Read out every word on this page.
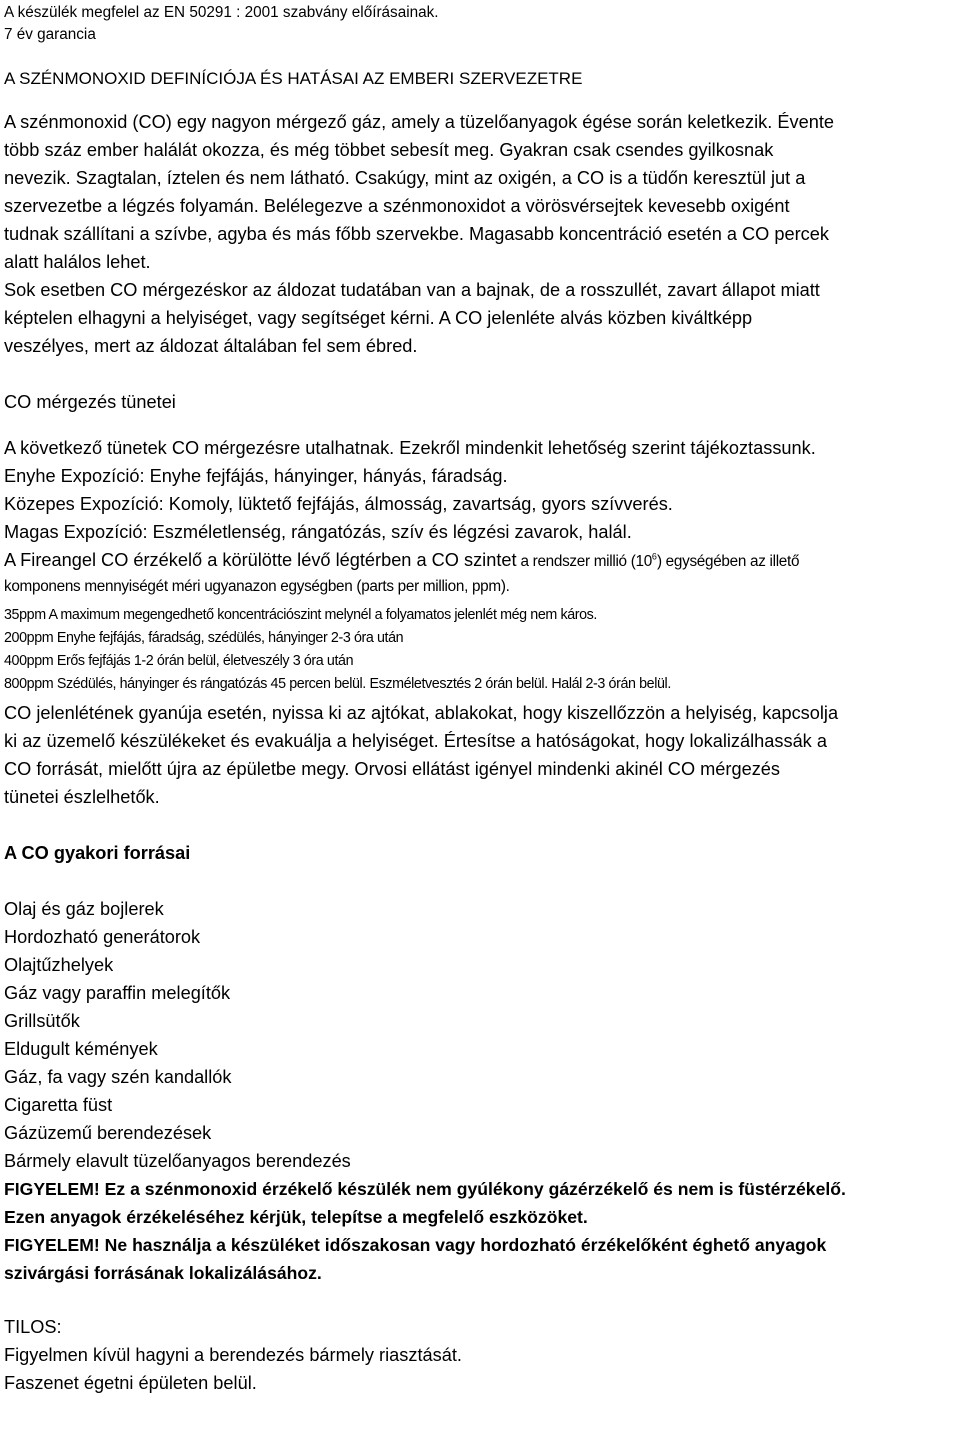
A készülék megfelel az EN 50291 : 2001 szabvány előírásainak.
7 év garancia
A SZÉNMONOXID DEFINÍCIÓJA ÉS HATÁSAI AZ EMBERI SZERVEZETRE
A szénmonoxid (CO) egy nagyon mérgező gáz, amely a tüzelőanyagok égése során keletkezik. Évente
több száz ember halálát okozza, és még többet sebesít meg. Gyakran csak csendes gyilkosnak
nevezik. Szagtalan, íztelen és nem látható. Csakúgy, mint az oxigén, a CO is a tüdőn keresztül jut a
szervezetbe a légzés folyamán. Belélegezve a szénmonoxidot a vörösvérsejtek kevesebb oxigént
tudnak szállítani a szívbe, agyba és más főbb szervekbe. Magasabb koncentráció esetén a CO percek
alatt halálos lehet.
Sok esetben CO mérgezéskor az áldozat tudatában van a bajnak, de a rosszullét, zavart állapot miatt
képtelen elhagyni a helyiséget, vagy segítséget kérni. A CO jelenléte alvás közben kiváltképp
veszélyes, mert az áldozat általában fel sem ébred.
CO mérgezés tünetei
A következő tünetek CO mérgezésre utalhatnak. Ezekről mindenkit lehetőség szerint tájékoztassunk.
Enyhe Expozíció: Enyhe fejfájás, hányinger, hányás, fáradság.
Közepes Expozíció: Komoly, lüktető fejfájás, álmosság, zavartság, gyors szívverés.
Magas Expozíció: Eszméletlenség, rángatózás, szív és légzési zavarok, halál.
A Fireangel CO érzékelő a körülötte lévő légtérben a CO szintet a rendszer millió $(10^6)$ egységében az illető
komponens mennyiségét méri ugyanazon egységben (parts per million, ppm).
35ppm A maximum megengedhető koncentrációszint melynél a folyamatos jelenlét még nem káros.
200ppm Enyhe fejfájás, fáradság, szédülés, hányinger 2-3 óra után
400ppm Erős fejfájás 1-2 órán belül, életveszély 3 óra után
800ppm Szédülés, hányinger és rángatózás 45 percen belül. Eszméletvesztés 2 órán belül. Halál 2-3 órán belül.
CO jelenlétének gyanúja esetén, nyissa ki az ajtókat, ablakokat, hogy kiszellőzzön a helyiség, kapcsolja
ki az üzemelő készülékeket és evakuálja a helyiséget. Értesítse a hatóságokat, hogy lokalizálhassák a
CO forrását, mielőtt újra az épületbe megy. Orvosi ellátást igényel mindenki akinél CO mérgezés
tünetei észlelhetők.
A CO gyakori forrásai
Olaj és gáz bojlerek
Hordozható generátorok
Olajtűzhelyek
Gáz vagy paraffin melegítők
Grillsütők
Eldugult kémények
Gáz, fa vagy szén kandallók
Cigaretta füst
Gázüzemű berendezések
Bármely elavult tüzelőanyagos berendezés
FIGYELEM! Ez a szénmonoxid érzékelő készülék nem gyúlékony gázérzékelő és nem is füstérzékelő.
Ezen anyagok érzékeléséhez kérjük, telepítse a megfelelő eszközöket.
FIGYELEM! Ne használja a készüléket időszakosan vagy hordozható érzékelőként éghető anyagok
szivárgási forrásának lokalizálásához.
TILOS:
Figyelmen kívül hagyni a berendezés bármely riasztását.
Faszenet égetni épületen belül.
